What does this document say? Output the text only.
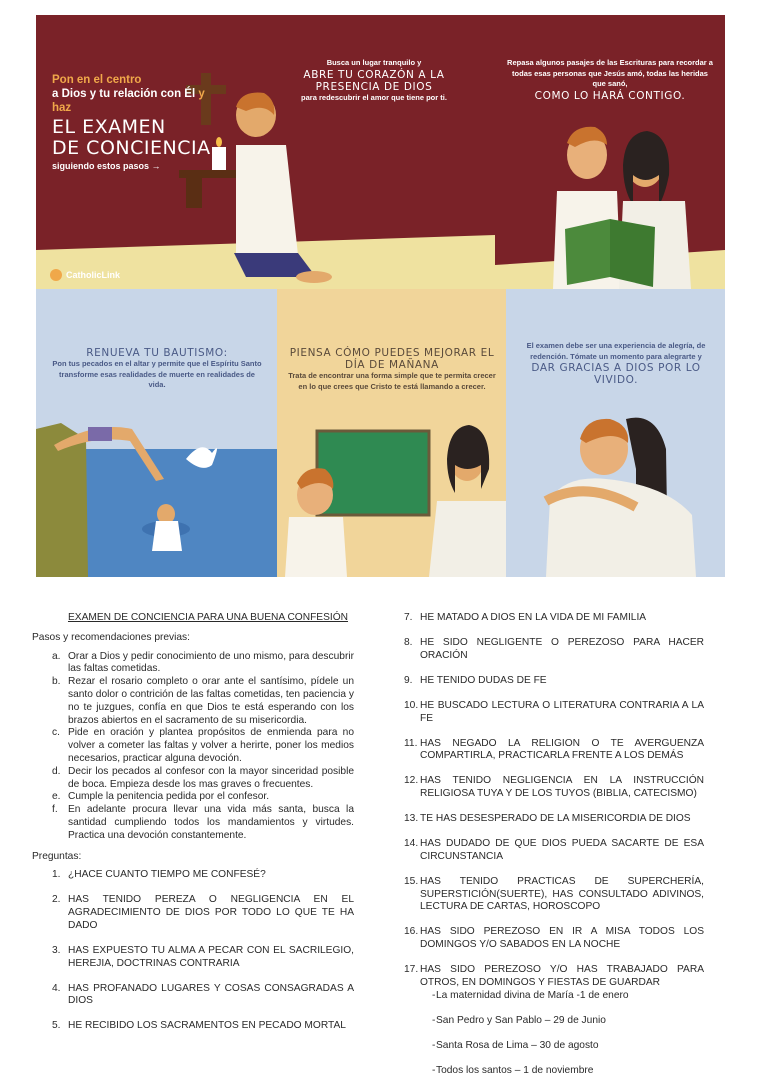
Pon en el centro
a Dios y tu relación con Él y haz
EL EXAMEN
DE CONCIENCIA
siguiendo estos pasos →
CatholicLink
Busca un lugar tranquilo y
ABRE TU CORAZÓN A LA PRESENCIA DE DIOS
para redescubrir el amor que tiene por ti.
Repasa algunos pasajes de las Escrituras para recordar a todas esas personas que Jesús amó, todas las heridas que sanó,
COMO LO HARÁ CONTIGO.
RENUEVA TU BAUTISMO:
Pon tus pecados en el altar y permite que el Espíritu Santo transforme esas realidades de muerte en realidades de vida.
PIENSA CÓMO PUEDES MEJORAR EL DÍA DE MAÑANA
Trata de encontrar una forma simple que te permita crecer en lo que crees que Cristo te está llamando a crecer.
El examen debe ser una experiencia de alegría, de redención. Tómate un momento para alegrarte y
DAR GRACIAS A DIOS POR LO VIVIDO.
EXAMEN DE CONCIENCIA PARA UNA BUENA CONFESIÓN
Pasos y recomendaciones previas:
a. Orar a Dios y pedir conocimiento de uno mismo, para descubrir las faltas cometidas.
b. Rezar el rosario completo o orar ante el santísimo, pídele un santo dolor o contrición de las faltas cometidas, ten paciencia y no te juzgues, confía en que Dios te está esperando con los brazos abiertos en el sacramento de su misericordia.
c. Pide en oración y plantea propósitos de enmienda para no volver a cometer las faltas y volver a herirte, poner los medios necesarios, practicar alguna devoción.
d. Decir los pecados al confesor con la mayor sinceridad posible de boca. Empieza desde los mas graves o frecuentes.
e. Cumple la penitencia pedida por el confesor.
f. En adelante procura llevar una vida más santa, busca la santidad cumpliendo todos los mandamientos y virtudes. Practica una devoción constantemente.
Preguntas:
1. ¿HACE CUANTO TIEMPO ME CONFESÉ?
2. HAS TENIDO PEREZA O NEGLIGENCIA EN EL AGRADECIMIENTO DE DIOS POR TODO LO QUE TE HA DADO
3. HAS EXPUESTO TU ALMA A PECAR CON EL SACRILEGIO, HEREJIA, DOCTRINAS CONTRARIA
4. HAS PROFANADO LUGARES Y COSAS CONSAGRADAS A DIOS
5. HE RECIBIDO LOS SACRAMENTOS EN PECADO MORTAL
7. HE MATADO A DIOS EN LA VIDA DE MI FAMILIA
8. HE SIDO NEGLIGENTE O PEREZOSO PARA HACER ORACIÓN
9. HE TENIDO DUDAS DE FE
10. HE BUSCADO LECTURA O LITERATURA CONTRARIA A LA FE
11. HAS NEGADO LA RELIGION O TE AVERGUENZA COMPARTIRLA, PRACTICARLA FRENTE A LOS DEMÁS
12. HAS TENIDO NEGLIGENCIA EN LA INSTRUCCIÓN RELIGIOSA TUYA Y DE LOS TUYOS (BIBLIA, CATECISMO)
13. TE HAS DESESPERADO DE LA MISERICORDIA DE DIOS
14. HAS DUDADO DE QUE DIOS PUEDA SACARTE DE ESA CIRCUNSTANCIA
15. HAS TENIDO PRACTICAS DE SUPERCHERÍA, SUPERSTICIÓN(SUERTE), HAS CONSULTADO ADIVINOS, LECTURA DE CARTAS, HOROSCOPO
16. HAS SIDO PEREZOSO EN IR A MISA TODOS LOS DOMINGOS Y/O SABADOS EN LA NOCHE
17. HAS SIDO PEREZOSO Y/O HAS TRABAJADO PARA OTROS, EN DOMINGOS Y FIESTAS DE GUARDAR
- La maternidad divina de María -1 de enero
- San Pedro y San Pablo – 29 de Junio
- Santa Rosa de Lima – 30 de agosto
- Todos los santos – 1 de noviembre
